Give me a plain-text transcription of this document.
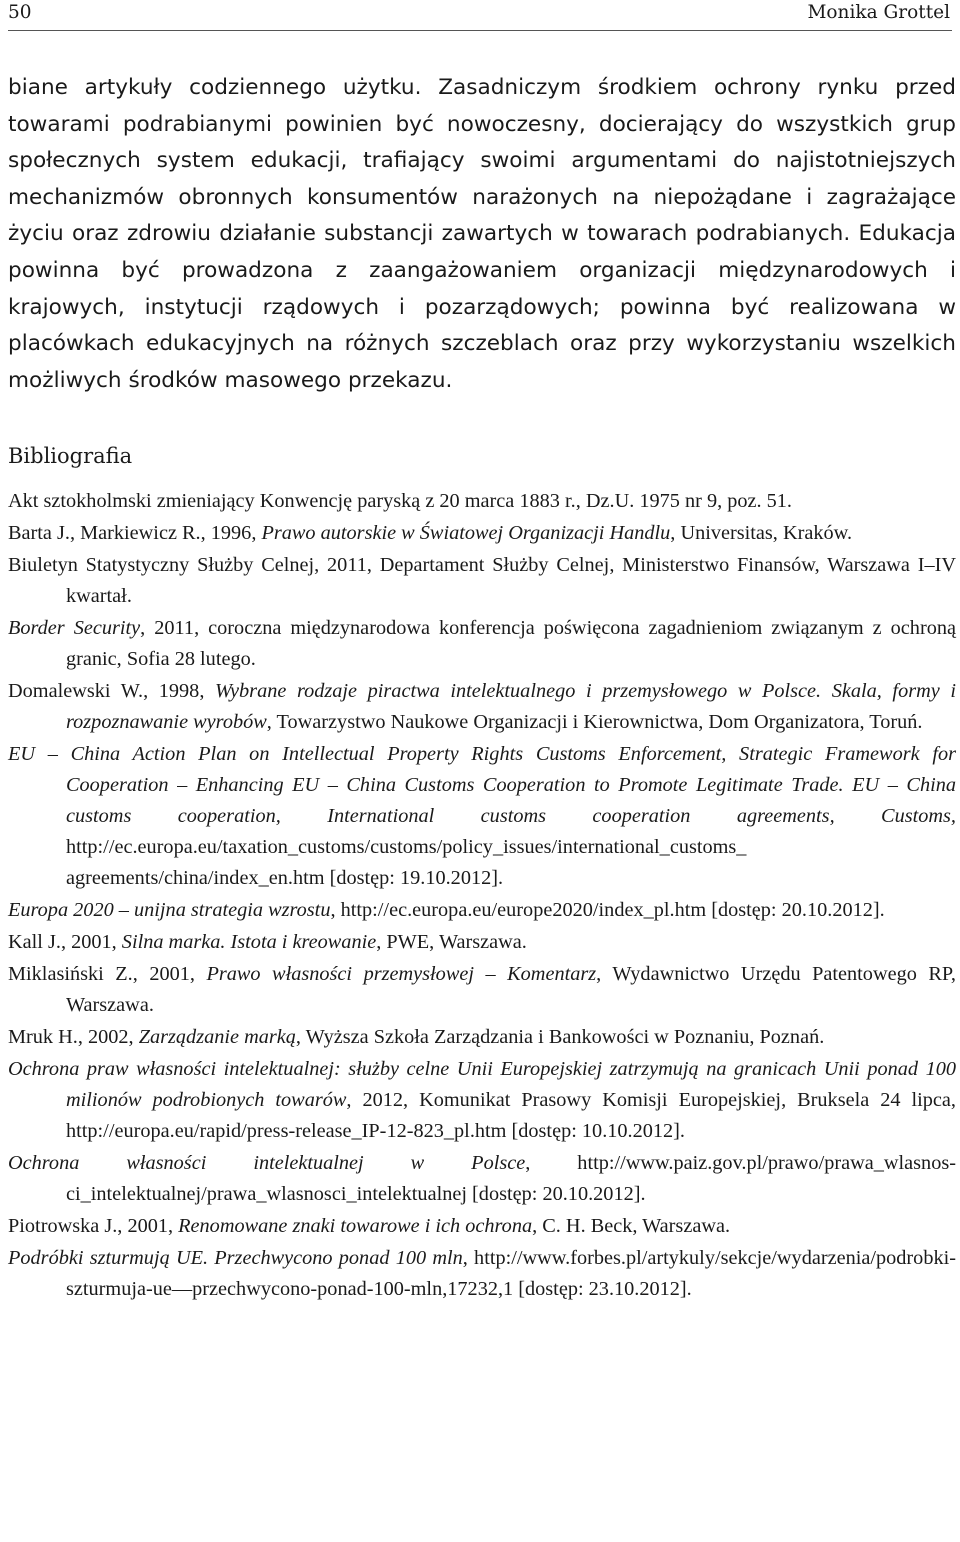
50	Monika Grottel

biane artykuły codziennego użytku. Zasadniczym środkiem ochrony rynku przed towarami podrabianymi powinien być nowoczesny, docierający do wszystkich grup społecznych system edukacji, trafiający swoimi argumentami do najistotniejszych mechanizmów obronnych konsumentów narażonych na niepożądane i zagrażające życiu oraz zdrowiu działanie substancji zawartych w towarach podrabianych. Edukacja powinna być prowadzona z zaangażowaniem organizacji międzynarodowych i krajowych, instytucji rządowych i pozarządowych; powinna być realizowana w placówkach edukacyjnych na różnych szczeblach oraz przy wykorzystaniu wszelkich możliwych środków masowego przekazu.

Bibliografia
Akt sztokholmski zmieniający Konwencję paryską z 20 marca 1883 r., Dz.U. 1975 nr 9, poz. 51.
Barta J., Markiewicz R., 1996, Prawo autorskie w Światowej Organizacji Handlu, Universitas, Kraków.
Biuletyn Statystyczny Służby Celnej, 2011, Departament Służby Celnej, Ministerstwo Finansów, Warszawa I–IV kwartał.
Border Security, 2011, coroczna międzynarodowa konferencja poświęcona zagadnieniom związanym z ochroną granic, Sofia 28 lutego.
Domalewski W., 1998, Wybrane rodzaje piractwa intelektualnego i przemysłowego w Polsce. Skala, formy i rozpoznawanie wyrobów, Towarzystwo Naukowe Organizacji i Kierownictwa, Dom Organizatora, Toruń.
EU – China Action Plan on Intellectual Property Rights Customs Enforcement, Strategic Framework for Cooperation – Enhancing EU – China Customs Cooperation to Promote Legitimate Trade. EU – China customs cooperation, International customs cooperation agreements, Customs, http://ec.europa.eu/taxation_customs/customs/policy_issues/international_customs_ agreements/china/index_en.htm [dostęp: 19.10.2012].
Europa 2020 – unijna strategia wzrostu, http://ec.europa.eu/europe2020/index_pl.htm [dostęp: 20.10.2012].
Kall J., 2001, Silna marka. Istota i kreowanie, PWE, Warszawa.
Miklasiński Z., 2001, Prawo własności przemysłowej – Komentarz, Wydawnictwo Urzędu Patentowego RP, Warszawa.
Mruk H., 2002, Zarządzanie marką, Wyższa Szkoła Zarządzania i Bankowości w Poznaniu, Poznań.
Ochrona praw własności intelektualnej: służby celne Unii Europejskiej zatrzymują na granicach Unii ponad 100 milionów podrobionych towarów, 2012, Komunikat Prasowy Komisji Europejskiej, Bruksela 24 lipca, http://europa.eu/rapid/press-release_IP-12-823_pl.htm [dostęp: 10.10.2012].
Ochrona własności intelektualnej w Polsce, http://www.paiz.gov.pl/prawo/prawa_wlasnosci_intelektualnej/prawa_wlasnosci_intelektualnej [dostęp: 20.10.2012].
Piotrowska J., 2001, Renomowane znaki towarowe i ich ochrona, C. H. Beck, Warszawa.
Podróbki szturmują UE. Przechwycono ponad 100 mln, http://www.forbes.pl/artykuly/sekcje/wydarzenia/podrobki-szturmuja-ue—przechwycono-ponad-100-mln,17232,1 [dostęp: 23.10.2012].
